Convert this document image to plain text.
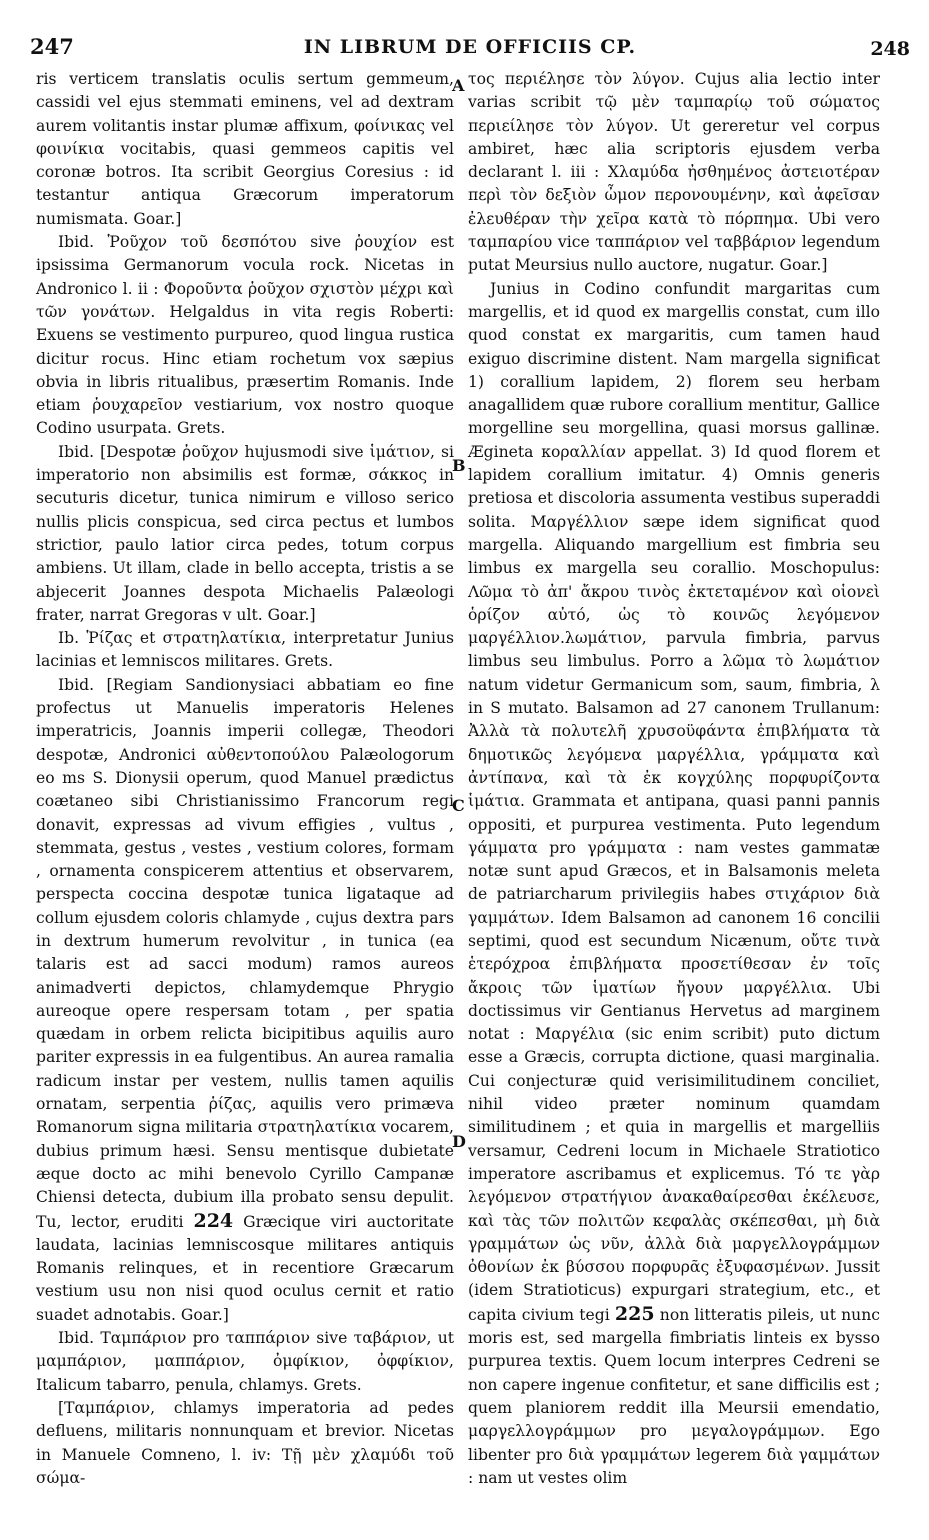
247	IN LIBRUM DE OFFICIIS CP.	248

ris verticem translatis oculis sertum gemmeum, cassidi vel ejus stemmati eminens, vel ad dextram aurem volitantis instar plumæ affixum, φοίνικας vel φοινίκια vocitabis, quasi gemmeos capitis vel coronæ botros. Ita scribit Georgius Coresius : id testantur antiqua Græcorum imperatorum numismata. Goar.]

Ibid. Ῥοῦχον τοῦ δεσπότου sive ῥουχίον est ipsissima Germanorum vocula rock. Nicetas in Andronico l. ii : Φοροῦντα ῥοῦχον σχιστὸν μέχρι καὶ τῶν γονάτων. Helgaldus in vita regis Roberti: Exuens se vestimento purpureo, quod lingua rustica dicitur rocus. Hinc etiam rochetum vox sæpius obvia in libris ritualibus, præsertim Romanis. Inde etiam ῥουχαρεῖον vestiarium, vox nostro quoque Codino usurpata. Grets.

Ibid. [Despotæ ῥοῦχον hujusmodi sive ἱμάτιον, si imperatorio non absimilis est formæ, σάκκος in secuturis dicetur, tunica nimirum e villoso serico nullis plicis conspicua, sed circa pectus et lumbos strictior, paulo latior circa pedes, totum corpus ambiens. Ut illam, clade in bello accepta, tristis a se abjecerit Joannes despota Michaelis Palæologi frater, narrat Gregoras v ult. Goar.]

Ib. Ῥίζας et στρατηλατίκια, interpretatur Junius lacinias et lemniscos militares. Grets.

Ibid. [Regiam Sandionysiaci abbatiam eo fine profectus ut Manuelis imperatoris Helenes imperatricis, Joannis imperii collegæ, Theodori despotæ, Andronici αὐθεντοπούλου Palæologorum eo ms S. Dionysii operum, quod Manuel prædictus coætaneo sibi Christianissimo Francorum regi donavit, expressas ad vivum effigies , vultus , stemmata, gestus , vestes , vestium colores, formam , ornamenta conspicerem attentius et observarem, perspecta coccina despotæ tunica ligataque ad collum ejusdem coloris chlamyde , cujus dextra pars in dextrum humerum revolvitur , in tunica (ea talaris est ad sacci modum) ramos aureos animadverti depictos, chlamydemque Phrygio aureoque opere respersam totam , per spatia quædam in orbem relicta bicipitibus aquilis auro pariter expressis in ea fulgentibus. An aurea ramalia radicum instar per vestem, nullis tamen aquilis ornatam, serpentia ῥίζας, aquilis vero primæva Romanorum signa militaria στρατηλατίκια vocarem, dubius primum hæsi. Sensu mentisque dubietate æque docto ac mihi benevolo Cyrillo Campanæ Chiensi detecta, dubium illa probato sensu depulit. Tu, lector, eruditi 224 Græcique viri auctoritate laudata, lacinias lemniscosque militares antiquis Romanis relinques, et in recentiore Græcarum vestium usu non nisi quod oculus cernit et ratio suadet adnotabis. Goar.]

Ibid. Ταμπάριον pro ταππάριον sive ταβάριον, ut μαμπάριον, μαππάριον, ὀμφίκιον, ὀφφίκιον, Italicum tabarro, penula, chlamys. Grets.

[Ταμπάριον, chlamys imperatoria ad pedes defluens, militaris nonnunquam et brevior. Nicetas in Manuele Comneno, l. iv: Τῇ μὲν χλαμύδι τοῦ σώμα-

A
B
C
D

τος περιέλησε τὸν λύγον. Cujus alia lectio inter varias scribit τῷ μὲν ταμπαρίῳ τοῦ σώματος περιείλησε τὸν λύγον. Ut gereretur vel corpus ambiret, hæc alia scriptoris ejusdem verba declarant l. iii : Χλαμύδα ἠσθημένος ἀστειοτέραν περὶ τὸν δεξιὸν ὦμον περονουμένην, καὶ ἀφεῖσαν ἐλευθέραν τὴν χεῖρα κατὰ τὸ πόρπημα. Ubi vero ταμπαρίου vice ταππάριον vel ταββάριον legendum putat Meursius nullo auctore, nugatur. Goar.]

Junius in Codino confundit margaritas cum margellis, et id quod ex margellis constat, cum illo quod constat ex margaritis, cum tamen haud exiguo discrimine distent. Nam margella significat 1) corallium lapidem, 2) florem seu herbam anagallidem quæ rubore corallium mentitur, Gallice morgelline seu morgellina, quasi morsus gallinæ. Ægineta κοραλλίαν appellat. 3) Id quod florem et lapidem corallium imitatur. 4) Omnis generis pretiosa et discoloria assumenta vestibus superaddi solita. Μαργέλλιον sæpe idem significat quod margella. Aliquando margellium est fimbria seu limbus ex margella seu corallio. Moschopulus: Λῶμα τὸ ἀπ' ἄκρου τινὸς ἐκτεταμένον καὶ οἱονεὶ ὁρίζον αὐτό, ὡς τὸ κοινῶς λεγόμενον μαργέλλιον.λωμάτιον, parvula fimbria, parvus limbus seu limbulus. Porro a λῶμα τὸ λωμάτιον natum videtur Germanicum som, saum, fimbria, λ in S mutato. Balsamon ad 27 canonem Trullanum: Ἀλλὰ τὰ πολυτελῆ χρυσοϋφάντα ἐπιβλήματα τὰ δημοτικῶς λεγόμενα μαργέλλια, γράμματα καὶ ἀντίπανα, καὶ τὰ ἐκ κογχύλης πορφυρίζοντα ἱμάτια. Grammata et antipana, quasi panni pannis oppositi, et purpurea vestimenta. Puto legendum γάμματα pro γράμματα : nam vestes gammatæ notæ sunt apud Græcos, et in Balsamonis meleta de patriarcharum privilegiis habes στιχάριον διὰ γαμμάτων. Idem Balsamon ad canonem 16 concilii septimi, quod est secundum Nicænum, οὔτε τινὰ ἑτερόχροα ἐπιβλήματα προσετίθεσαν ἐν τοῖς ἄκροις τῶν ἱματίων ἤγουν μαργέλλια. Ubi doctissimus vir Gentianus Hervetus ad marginem notat : Μαργέλια (sic enim scribit) puto dictum esse a Græcis, corrupta dictione, quasi marginalia. Cui conjecturæ quid verisimilitudinem conciliet, nihil video præter nominum quamdam similitudinem ; et quia in margellis et margelliis versamur, Cedreni locum in Michaele Stratiotico imperatore ascribamus et explicemus. Τό τε γὰρ λεγόμενον στρατήγιον ἀνακαθαίρεσθαι ἐκέλευσε, καὶ τὰς τῶν πολιτῶν κεφαλὰς σκέπεσθαι, μὴ διὰ γραμμάτων ὡς νῦν, ἀλλὰ διὰ μαργελλογράμμων ὀθονίων ἐκ βύσσου πορφυρᾶς ἐξυφασμένων. Jussit (idem Stratioticus) expurgari strategium, etc., et capita civium tegi 225 non litteratis pileis, ut nunc moris est, sed margella fimbriatis linteis ex bysso purpurea textis. Quem locum interpres Cedreni se non capere ingenue confitetur, et sane difficilis est ; quem planiorem reddit illa Meursii emendatio, μαργελλογράμμων pro μεγαλογράμμων. Ego libenter pro διὰ γραμμάτων legerem διὰ γαμμάτων : nam ut vestes olim
